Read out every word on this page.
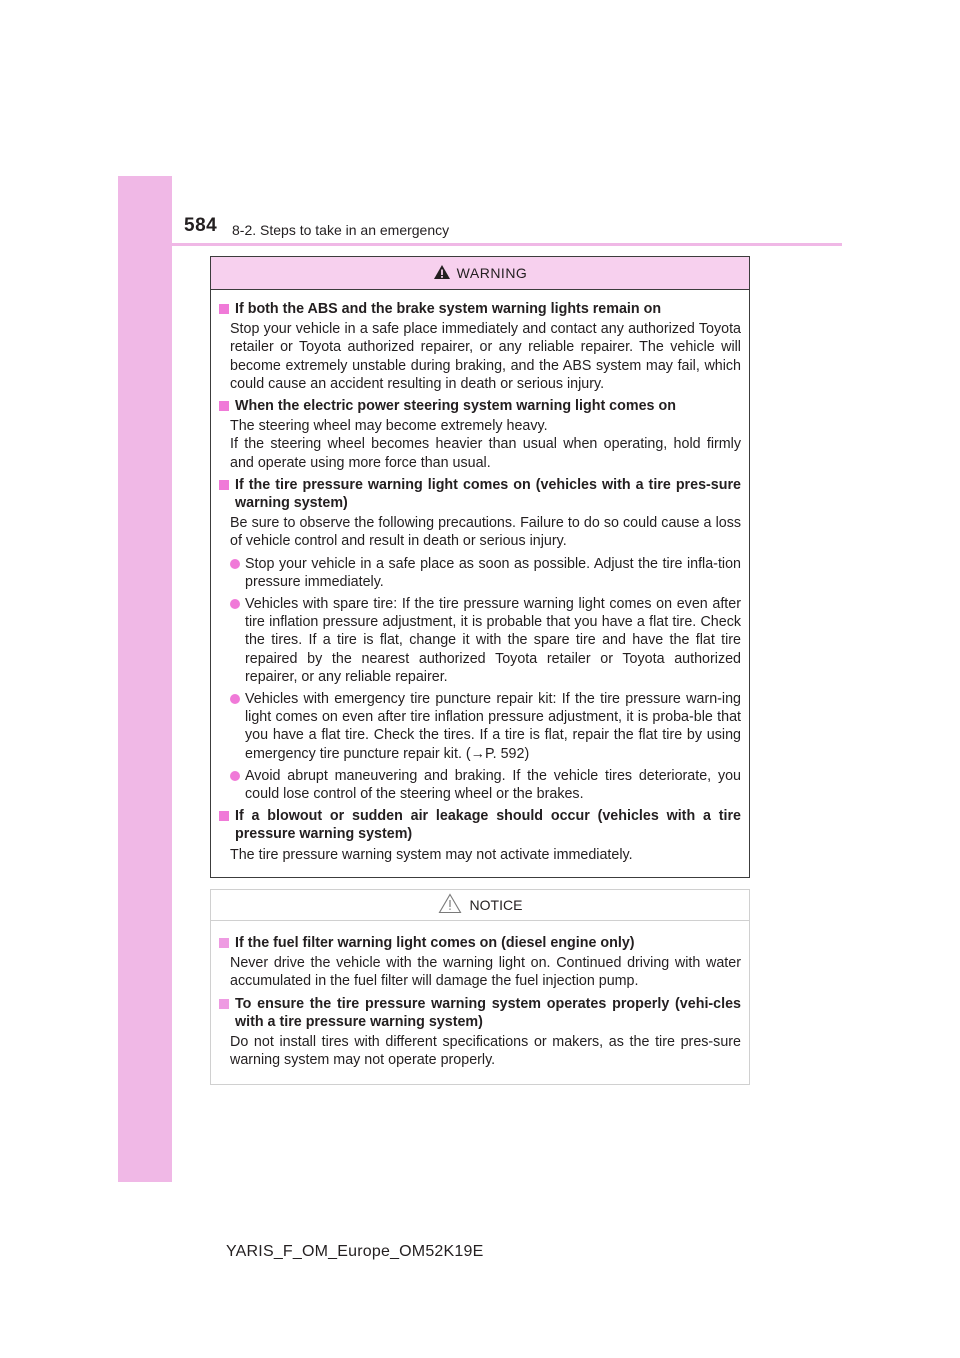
584 8-2. Steps to take in an emergency
WARNING
If both the ABS and the brake system warning lights remain on
Stop your vehicle in a safe place immediately and contact any authorized Toyota retailer or Toyota authorized repairer, or any reliable repairer. The vehicle will become extremely unstable during braking, and the ABS system may fail, which could cause an accident resulting in death or serious injury.
When the electric power steering system warning light comes on
The steering wheel may become extremely heavy.
If the steering wheel becomes heavier than usual when operating, hold firmly and operate using more force than usual.
If the tire pressure warning light comes on (vehicles with a tire pres-sure warning system)
Be sure to observe the following precautions. Failure to do so could cause a loss of vehicle control and result in death or serious injury.
Stop your vehicle in a safe place as soon as possible. Adjust the tire infla-tion pressure immediately.
Vehicles with spare tire: If the tire pressure warning light comes on even after tire inflation pressure adjustment, it is probable that you have a flat tire. Check the tires. If a tire is flat, change it with the spare tire and have the flat tire repaired by the nearest authorized Toyota retailer or Toyota authorized repairer, or any reliable repairer.
Vehicles with emergency tire puncture repair kit: If the tire pressure warn-ing light comes on even after tire inflation pressure adjustment, it is proba-ble that you have a flat tire. Check the tires. If a tire is flat, repair the flat tire by using emergency tire puncture repair kit. (→P. 592)
Avoid abrupt maneuvering and braking. If the vehicle tires deteriorate, you could lose control of the steering wheel or the brakes.
If a blowout or sudden air leakage should occur (vehicles with a tire pressure warning system)
The tire pressure warning system may not activate immediately.
NOTICE
If the fuel filter warning light comes on (diesel engine only)
Never drive the vehicle with the warning light on. Continued driving with water accumulated in the fuel filter will damage the fuel injection pump.
To ensure the tire pressure warning system operates properly (vehi-cles with a tire pressure warning system)
Do not install tires with different specifications or makers, as the tire pres-sure warning system may not operate properly.
YARIS_F_OM_Europe_OM52K19E
